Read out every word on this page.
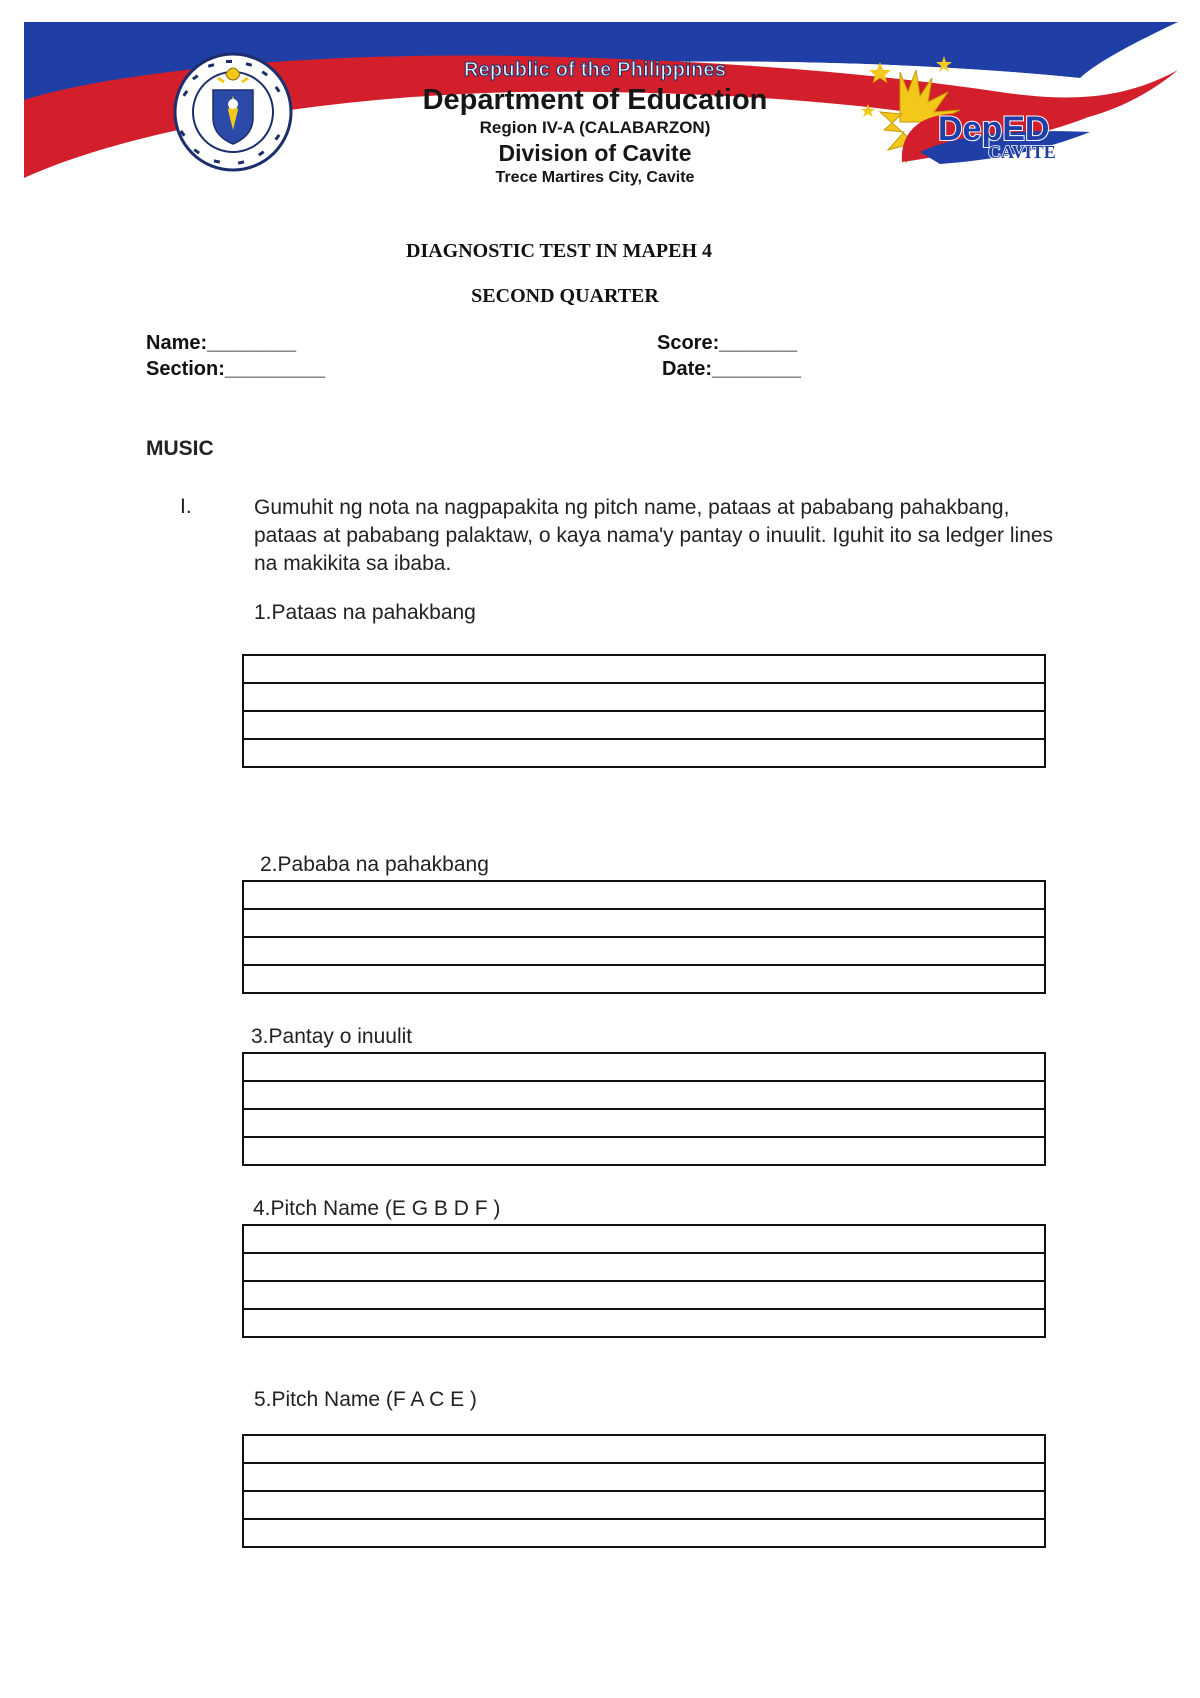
Republic of the Philippines
Department of Education
Region IV-A (CALABARZON)
Division of Cavite
Trece Martires City, Cavite
DepED
CAVITE
DIAGNOSTIC TEST IN MAPEH 4
SECOND QUARTER
Name:________
Section:_________
Score:_______
Date:________
MUSIC
I.	Gumuhit ng nota na nagpapakita ng pitch name, pataas at pababang pahakbang, pataas at pababang palaktaw, o kaya nama'y pantay o inuulit. Iguhit ito sa ledger lines na makikita sa ibaba.
1.Pataas na pahakbang
2.Pababa na pahakbang
3.Pantay o inuulit
4.Pitch Name (E G B D F )
5.Pitch Name (F A C E )
